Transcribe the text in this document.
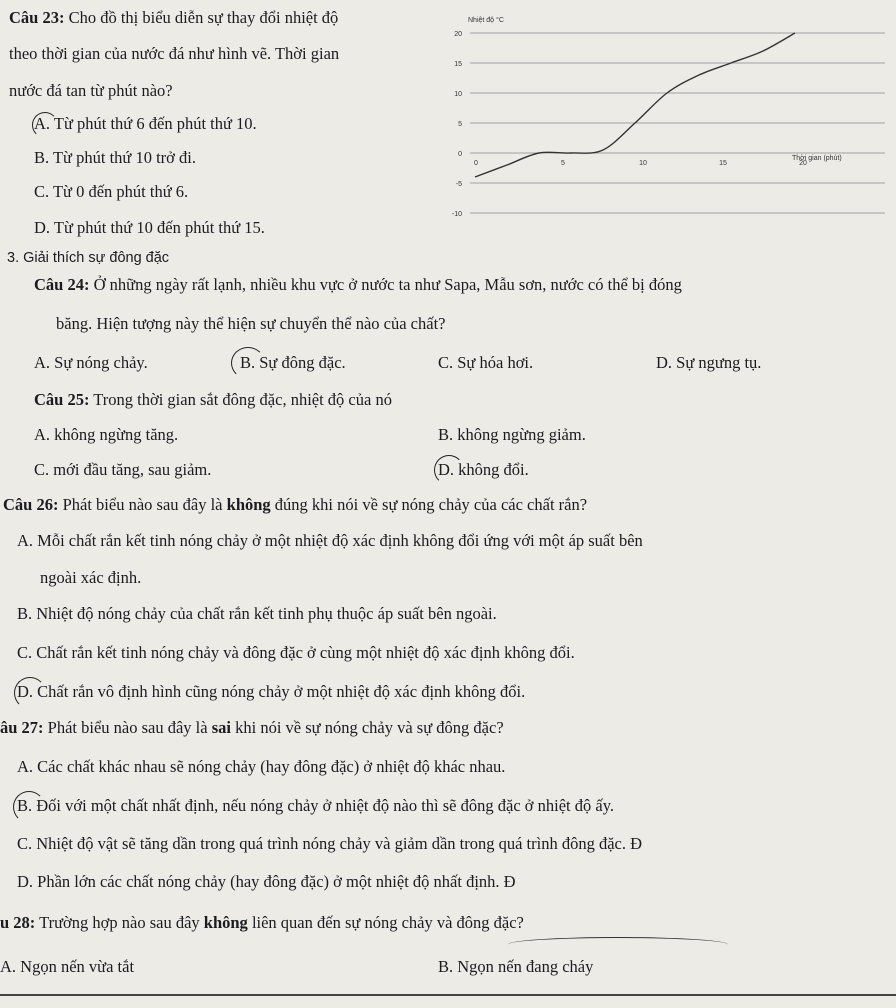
Câu 23: Cho đồ thị biểu diễn sự thay đổi nhiệt độ
theo thời gian của nước đá như hình vẽ. Thời gian
nước đá tan từ phút nào?
A. Từ phút thứ 6 đến phút thứ 10.
B. Từ phút thứ 10 trở đi.
C. Từ 0 đến phút thứ 6.
D. Từ phút thứ 10 đến phút thứ 15.
20
15
10
5
0
-5
-10
0	5	10	15	20
Nhiệt độ °C
Thời gian (phút)
3. Giải thích sự đông đặc
Câu 24: Ở những ngày rất lạnh, nhiều khu vực ở nước ta như Sapa, Mẫu sơn, nước có thể bị đóng
băng. Hiện tượng này thể hiện sự chuyển thể nào của chất?
A. Sự nóng chảy.	B. Sự đông đặc.	C. Sự hóa hơi.	D. Sự ngưng tụ.
Câu 25: Trong thời gian sắt đông đặc, nhiệt độ của nó
A. không ngừng tăng.	B. không ngừng giảm.
C. mới đầu tăng, sau giảm.	D. không đổi.
Câu 26: Phát biểu nào sau đây là không đúng khi nói về sự nóng chảy của các chất rắn?
A. Mỗi chất rắn kết tinh nóng chảy ở một nhiệt độ xác định không đổi ứng với một áp suất bên
ngoài xác định.
B. Nhiệt độ nóng chảy của chất rắn kết tinh phụ thuộc áp suất bên ngoài.
C. Chất rắn kết tinh nóng chảy và đông đặc ở cùng một nhiệt độ xác định không đổi.
D. Chất rắn vô định hình cũng nóng chảy ở một nhiệt độ xác định không đổi.
âu 27: Phát biểu nào sau đây là sai khi nói về sự nóng chảy và sự đông đặc?
A. Các chất khác nhau sẽ nóng chảy (hay đông đặc) ở nhiệt độ khác nhau.
B. Đối với một chất nhất định, nếu nóng chảy ở nhiệt độ nào thì sẽ đông đặc ở nhiệt độ ấy.
C. Nhiệt độ vật sẽ tăng dần trong quá trình nóng chảy và giảm dần trong quá trình đông đặc. Đ
D. Phần lớn các chất nóng chảy (hay đông đặc) ở một nhiệt độ nhất định. Đ
u 28: Trường hợp nào sau đây không liên quan đến sự nóng chảy và đông đặc?
A. Ngọn nến vừa tắt	B. Ngọn nến đang cháy
